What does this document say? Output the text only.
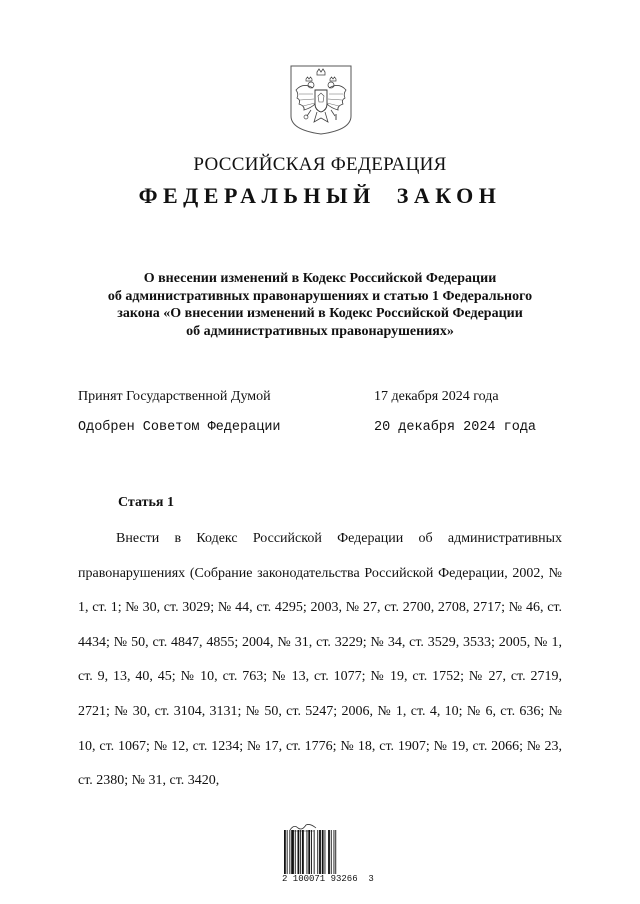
РОССИЙСКАЯ ФЕДЕРАЦИЯ
ФЕДЕРАЛЬНЫЙ ЗАКОН
О внесении изменений в Кодекс Российской Федерации
об административных правонарушениях и статью 1 Федерального
закона «О внесении изменений в Кодекс Российской Федерации
об административных правонарушениях»
Принят Государственной Думой	17 декабря 2024 года
Одобрен Советом Федерации	20 декабря 2024 года
Статья 1

Внести в Кодекс Российской Федерации об административных правонарушениях (Собрание законодательства Российской Федерации, 2002, № 1, ст. 1; № 30, ст. 3029; № 44, ст. 4295; 2003, № 27, ст. 2700, 2708, 2717; № 46, ст. 4434; № 50, ст. 4847, 4855; 2004, № 31, ст. 3229; № 34, ст. 3529, 3533; 2005, № 1, ст. 9, 13, 40, 45; № 10, ст. 763; № 13, ст. 1077; № 19, ст. 1752; № 27, ст. 2719, 2721; № 30, ст. 3104, 3131; № 50, ст. 5247; 2006, № 1, ст. 4, 10; № 6, ст. 636; № 10, ст. 1067; № 12, ст. 1234; № 17, ст. 1776; № 18, ст. 1907; № 19, ст. 2066; № 23, ст. 2380; № 31, ст. 3420,

2 100071 93266  3
